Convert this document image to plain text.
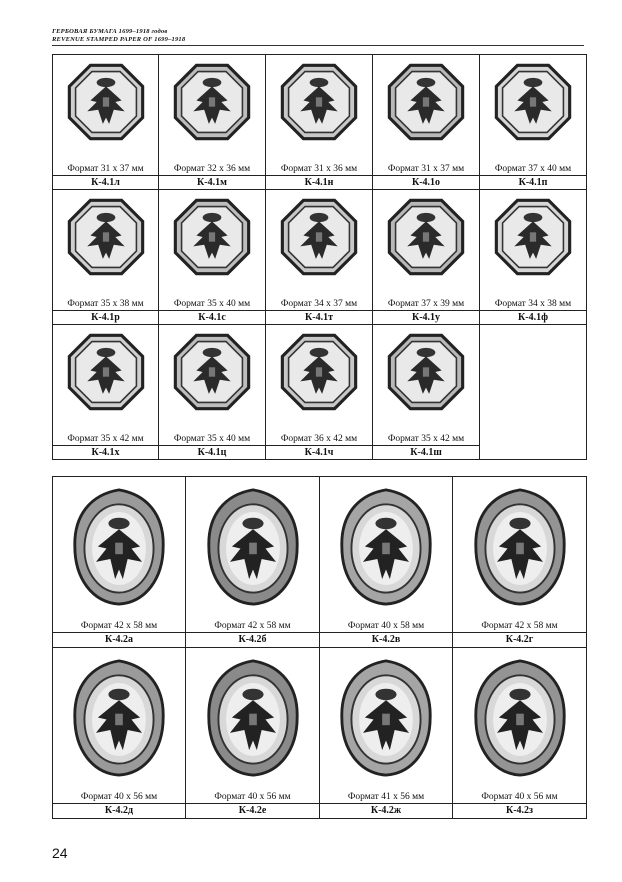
ГЕРБОВАЯ БУМАГА 1699–1918 годов
REVENUE STAMPED PAPER OF 1699–1918
Формат 31 х 37 мм	Формат 32 х 36 мм	Формат 31 х 36 мм	Формат 31 х 37 мм	Формат 37 х 40 мм

К-4.1л	К-4.1м	К-4.1н	К-4.1о	К-4.1п

Формат 35 х 38 мм	Формат 35 х 40 мм	Формат 34 х 37 мм	Формат 37 х 39 мм	Формат 34 х 38 мм

К-4.1р	К-4.1с	К-4.1т	К-4.1у	К-4.1ф

Формат 35 х 42 мм	Формат 35 х 40 мм	Формат 36 х 42 мм	Формат 35 х 42 мм	

К-4.1х	К-4.1ц	К-4.1ч	К-4.1ш	
Формат 42 х 58 мм	Формат 42 х 58 мм	Формат 40 х 58 мм	Формат 42 х 58 мм

К-4.2а	К-4.2б	К-4.2в	К-4.2г

Формат 40 х 56 мм	Формат 40 х 56 мм	Формат 41 х 56 мм	Формат 40 х 56 мм

К-4.2д	К-4.2е	К-4.2ж	К-4.2з
24
